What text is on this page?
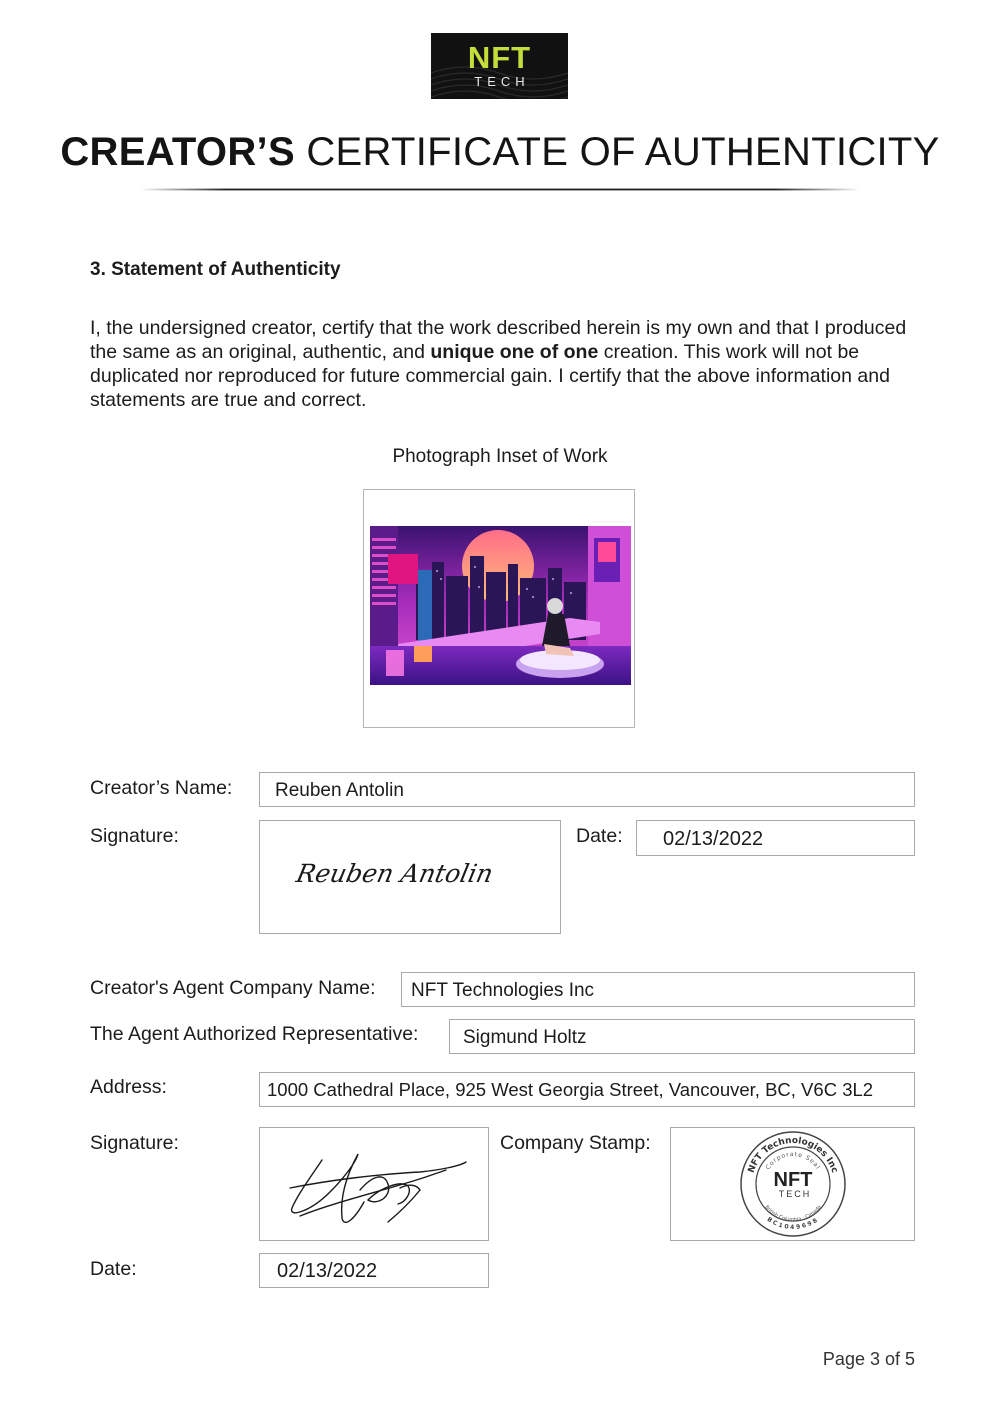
NFT
TECH
CREATOR’S CERTIFICATE OF AUTHENTICITY
3. Statement of Authenticity
I, the undersigned creator, certify that the work described herein is my own and that I produced the same as an original, authentic, and unique one of one creation. This work will not be duplicated nor reproduced for future commercial gain. I certify that the above information and statements are true and correct.
Photograph Inset of Work
Creator’s Name:	Reuben Antolin
Signature:
Reuben Antolin
Date:	02/13/2022
Creator's Agent Company Name:	NFT Technologies Inc
The Agent Authorized Representative:	Sigmund Holtz
Address:	1000 Cathedral Place, 925 West Georgia Street, Vancouver, BC, V6C 3L2
Signature:	Company Stamp:
NFT Technologies Inc
Corporate Seal
NFT
TECH
British Columbia · Canada
BC1049698
Date:	02/13/2022
Page 3 of 5
